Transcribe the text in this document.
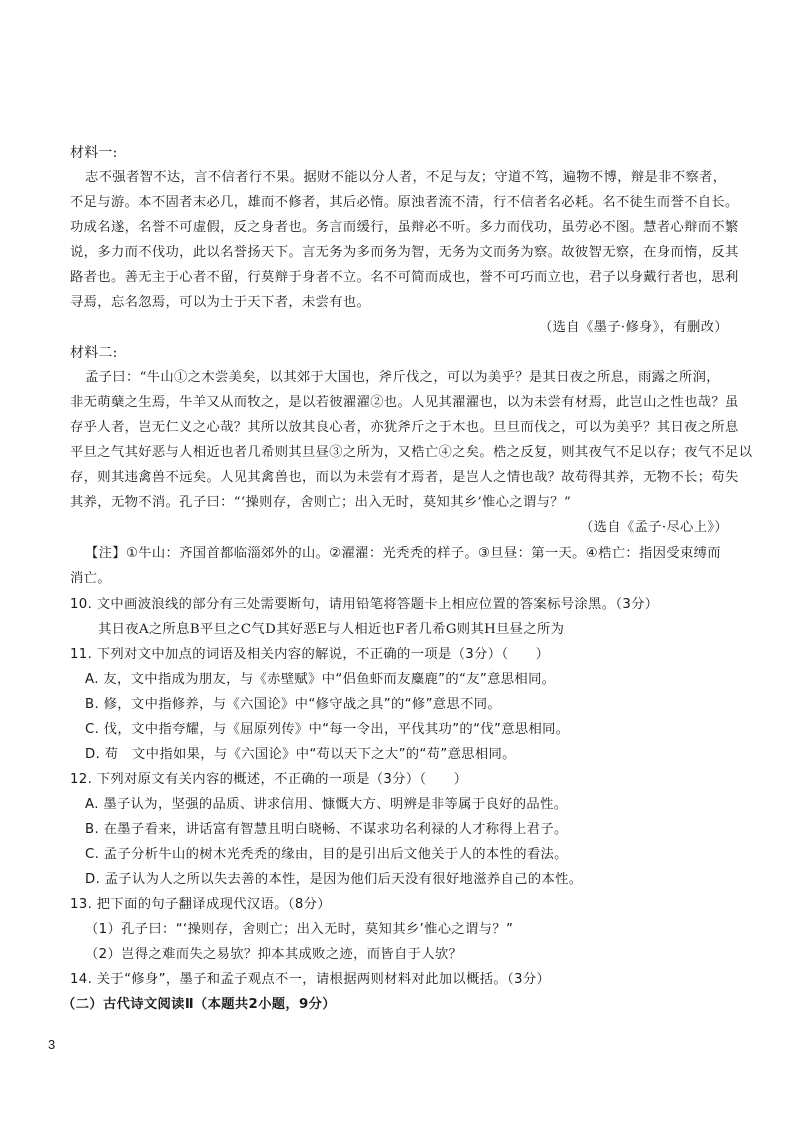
材料一:
志不强者智不达，言不信者行不果。据财不能以分人者，不足与友；守道不笃，遍物不博，辩是非不察者，
不足与游。本不固者末必几，雄而不修者，其后必惰。原浊者流不清，行不信者名必耗。名不徒生而誉不自长。
功成名遂，名誉不可虚假，反之身者也。务言而缓行，虽辩必不听。多力而伐功，虽劳必不图。慧者心辩而不繁
说，多力而不伐功，此以名誉扬天下。言无务为多而务为智，无务为文而务为察。故彼智无察，在身而惰，反其
路者也。善无主于心者不留，行莫辩于身者不立。名不可简而成也，誉不可巧而立也，君子以身戴行者也，思利
寻焉，忘名忽焉，可以为士于天下者，未尝有也。
（选自《墨子·修身》，有删改）
材料二:
孟子曰：“牛山①之木尝美矣，以其郊于大国也，斧斤伐之，可以为美乎？是其日夜之所息，雨露之所润，
非无萌蘖之生焉，牛羊又从而牧之，是以若彼濯濯②也。人见其濯濯也，以为未尝有材焉，此岂山之性也哉？虽
存乎人者，岂无仁义之心哉？其所以放其良心者，亦犹斧斤之于木也。旦旦而伐之，可以为美乎？其日夜之所息
平旦之气其好恶与人相近也者几希则其旦昼③之所为，又梏亡④之矣。梏之反复，则其夜气不足以存；夜气不足以
存，则其违禽兽不远矣。人见其禽兽也，而以为未尝有才焉者，是岂人之情也哉？故苟得其养，无物不长；苟失
其养，无物不消。孔子曰：“‘操则存，舍则亡；出入无时，莫知其乡’惟心之谓与？”
（选自《孟子·尽心上》）
【注】①牛山：齐国首都临淄郊外的山。②濯濯：光秃秃的样子。③旦昼：第一天。④梏亡：指因受束缚而
消亡。
10. 文中画波浪线的部分有三处需要断句，请用铅笔将答题卡上相应位置的答案标号涂黑。（3分）
其日夜A之所息B平旦之C气D其好恶E与人相近也F者几希G则其H旦昼之所为
11. 下列对文中加点的词语及相关内容的解说，不正确的一项是（3分）（　　）
A. 友，文中指成为朋友，与《赤壁赋》中“侣鱼虾而友麋鹿”的“友”意思相同。
B. 修，文中指修养，与《六国论》中“修守战之具”的“修”意思不同。
C. 伐，文中指夸耀，与《屈原列传》中“每一令出，平伐其功”的“伐”意思相同。
D. 苟　文中指如果，与《六国论》中“苟以天下之大”的“苟”意思相同。
12. 下列对原文有关内容的概述，不正确的一项是（3分）（　　）
A. 墨子认为，坚强的品质、讲求信用、慷慨大方、明辨是非等属于良好的品性。
B. 在墨子看来，讲话富有智慧且明白晓畅、不谋求功名利禄的人才称得上君子。
C. 孟子分析牛山的树木光秃秃的缘由，目的是引出后文他关于人的本性的看法。
D. 孟子认为人之所以失去善的本性，是因为他们后天没有很好地滋养自己的本性。
13. 把下面的句子翻译成现代汉语。（8分）
（1）孔子曰：“‘操则存，舍则亡；出入无时，莫知其乡’惟心之谓与？”
（2）岂得之难而失之易欤？抑本其成败之迹，而皆自于人欤？
14. 关于“修身”，墨子和孟子观点不一，请根据两则材料对此加以概括。（3分）
（二）古代诗文阅读Ⅱ（本题共2小题，9分）
3
